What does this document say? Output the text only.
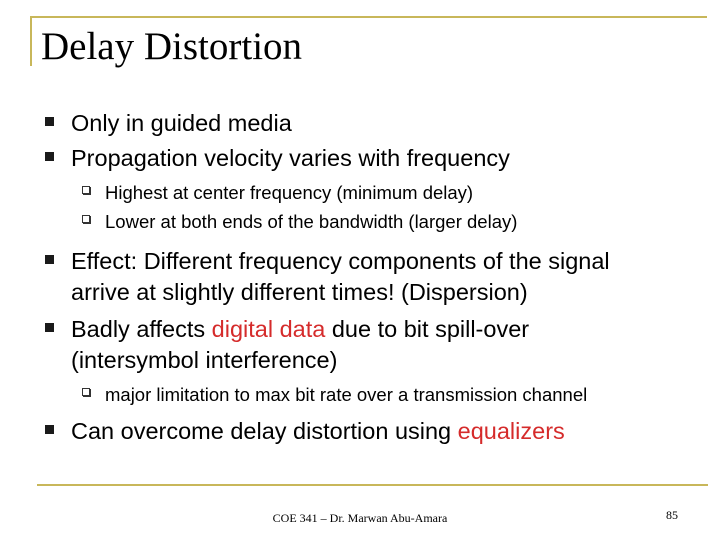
Delay Distortion
Only in guided media
Propagation velocity varies with frequency
Highest at center frequency (minimum delay)
Lower at both ends of the bandwidth (larger delay)
Effect: Different frequency components of the signal
arrive at slightly different times! (Dispersion)
Badly affects digital data due to bit spill-over
(intersymbol interference)
major limitation to max bit rate over a transmission channel
Can overcome delay distortion using equalizers
COE 341 – Dr. Marwan Abu-Amara	85
